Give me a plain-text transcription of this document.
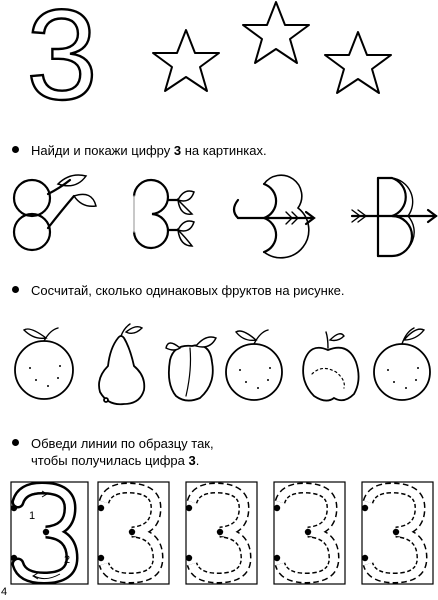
3
Найди и покажи цифру 3 на картинках.
Сосчитай, сколько одинаковых фруктов на рисунке.
Обведи линии по образцу так,
чтобы получилась цифра 3.
1
2
4
